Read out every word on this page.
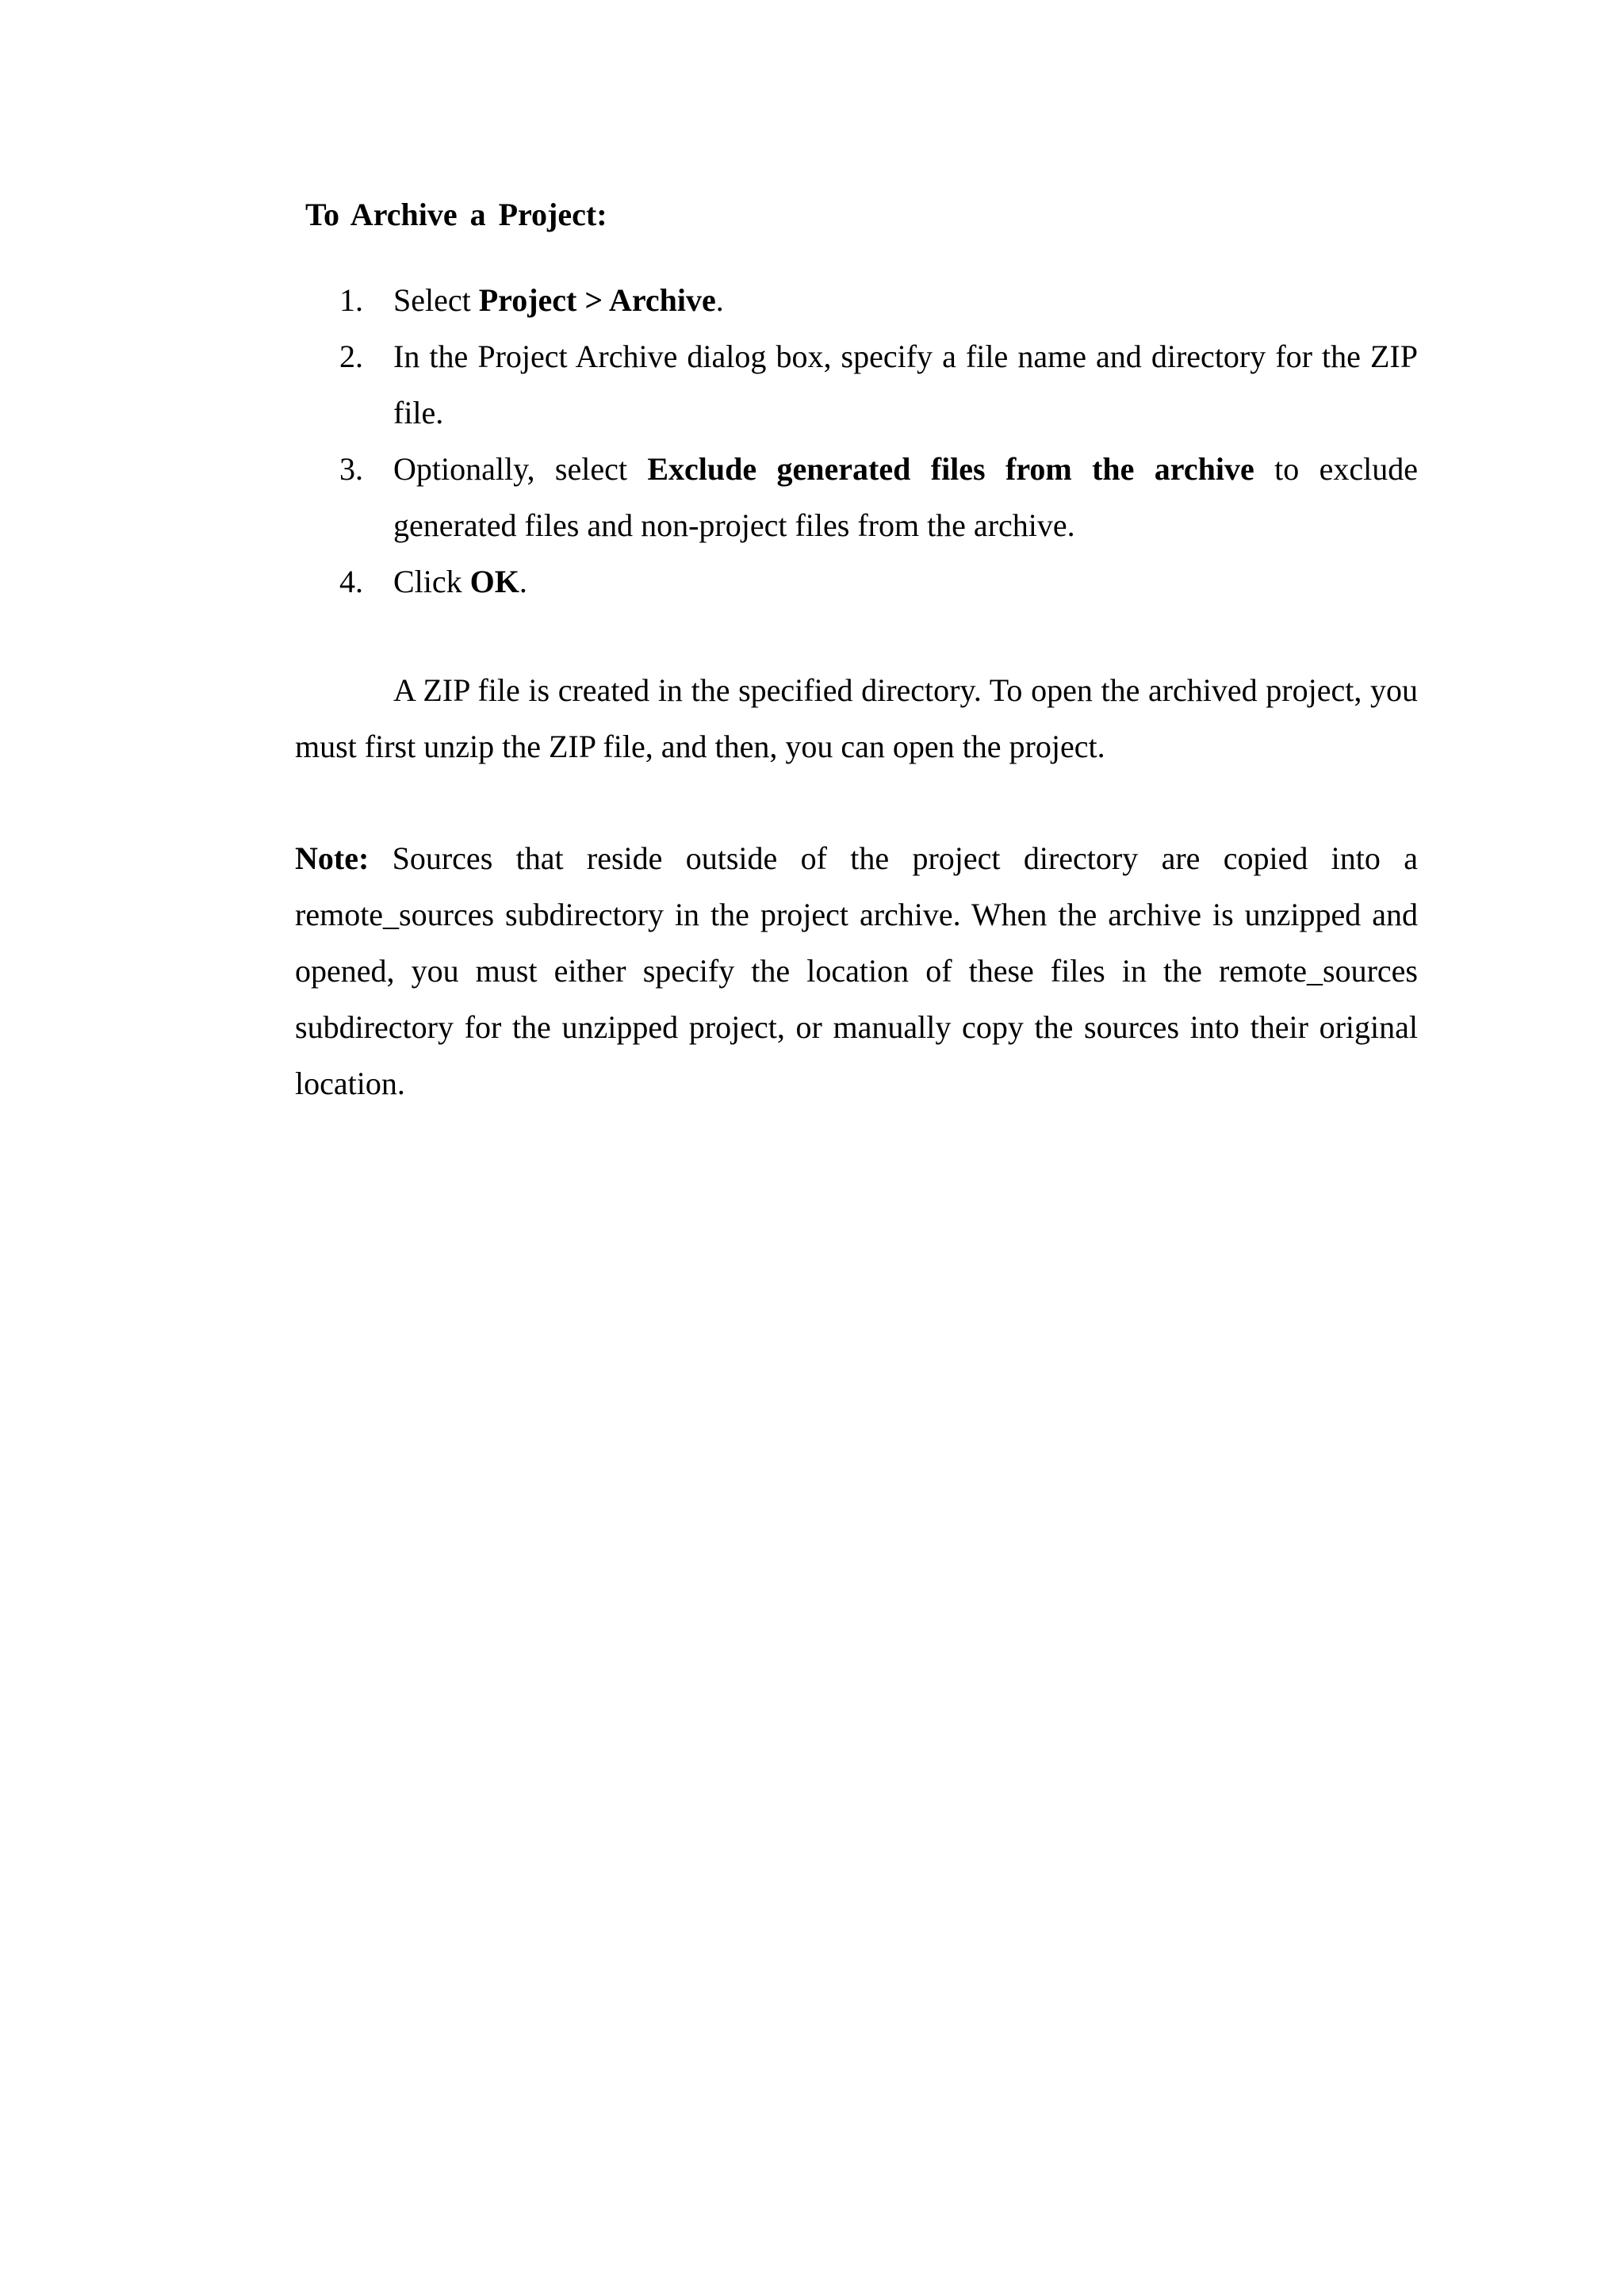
To Archive a Project:
1. Select Project > Archive.
2. In the Project Archive dialog box, specify a file name and directory for the ZIP file.
3. Optionally, select Exclude generated files from the archive to exclude generated files and non-project files from the archive.
4. Click OK.

A ZIP file is created in the specified directory. To open the archived project, you must first unzip the ZIP file, and then, you can open the project.

Note: Sources that reside outside of the project directory are copied into a remote_sources subdirectory in the project archive. When the archive is unzipped and opened, you must either specify the location of these files in the remote_sources subdirectory for the unzipped project, or manually copy the sources into their original location.
